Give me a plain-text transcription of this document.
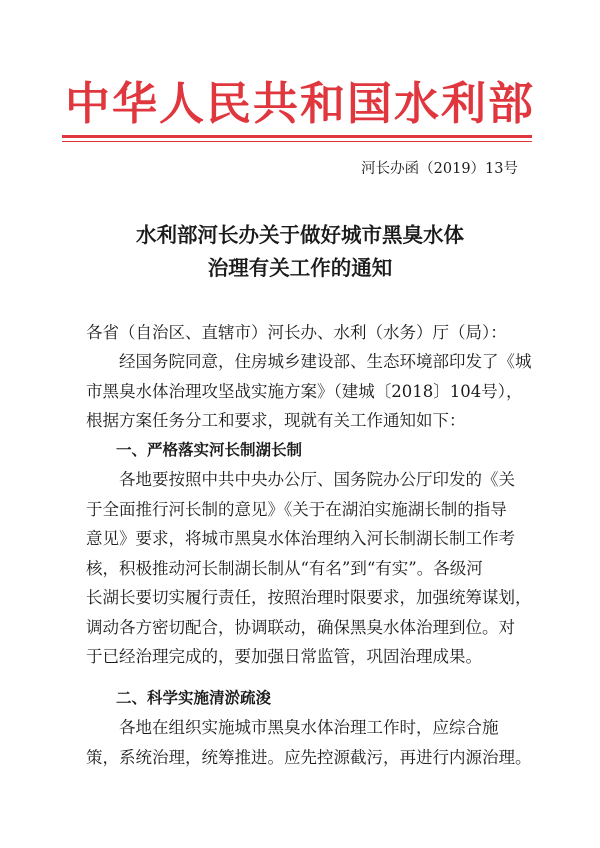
中华人民共和国水利部
河长办函（2019）13号
水利部河长办关于做好城市黑臭水体
治理有关工作的通知
各省（自治区、直辖市）河长办、水利（水务）厅（局）：
经国务院同意，住房城乡建设部、生态环境部印发了《城
市黑臭水体治理攻坚战实施方案》（建城〔2018〕104号），
根据方案任务分工和要求，现就有关工作通知如下：
一、严格落实河长制湖长制
各地要按照中共中央办公厅、国务院办公厅印发的《关
于全面推行河长制的意见》《关于在湖泊实施湖长制的指导
意见》要求，将城市黑臭水体治理纳入河长制湖长制工作考
核，积极推动河长制湖长制从“有名”到“有实”。各级河
长湖长要切实履行责任，按照治理时限要求，加强统筹谋划，
调动各方密切配合，协调联动，确保黑臭水体治理到位。对
于已经治理完成的，要加强日常监管，巩固治理成果。
二、科学实施清淤疏浚
各地在组织实施城市黑臭水体治理工作时，应综合施
策，系统治理，统筹推进。应先控源截污，再进行内源治理。
